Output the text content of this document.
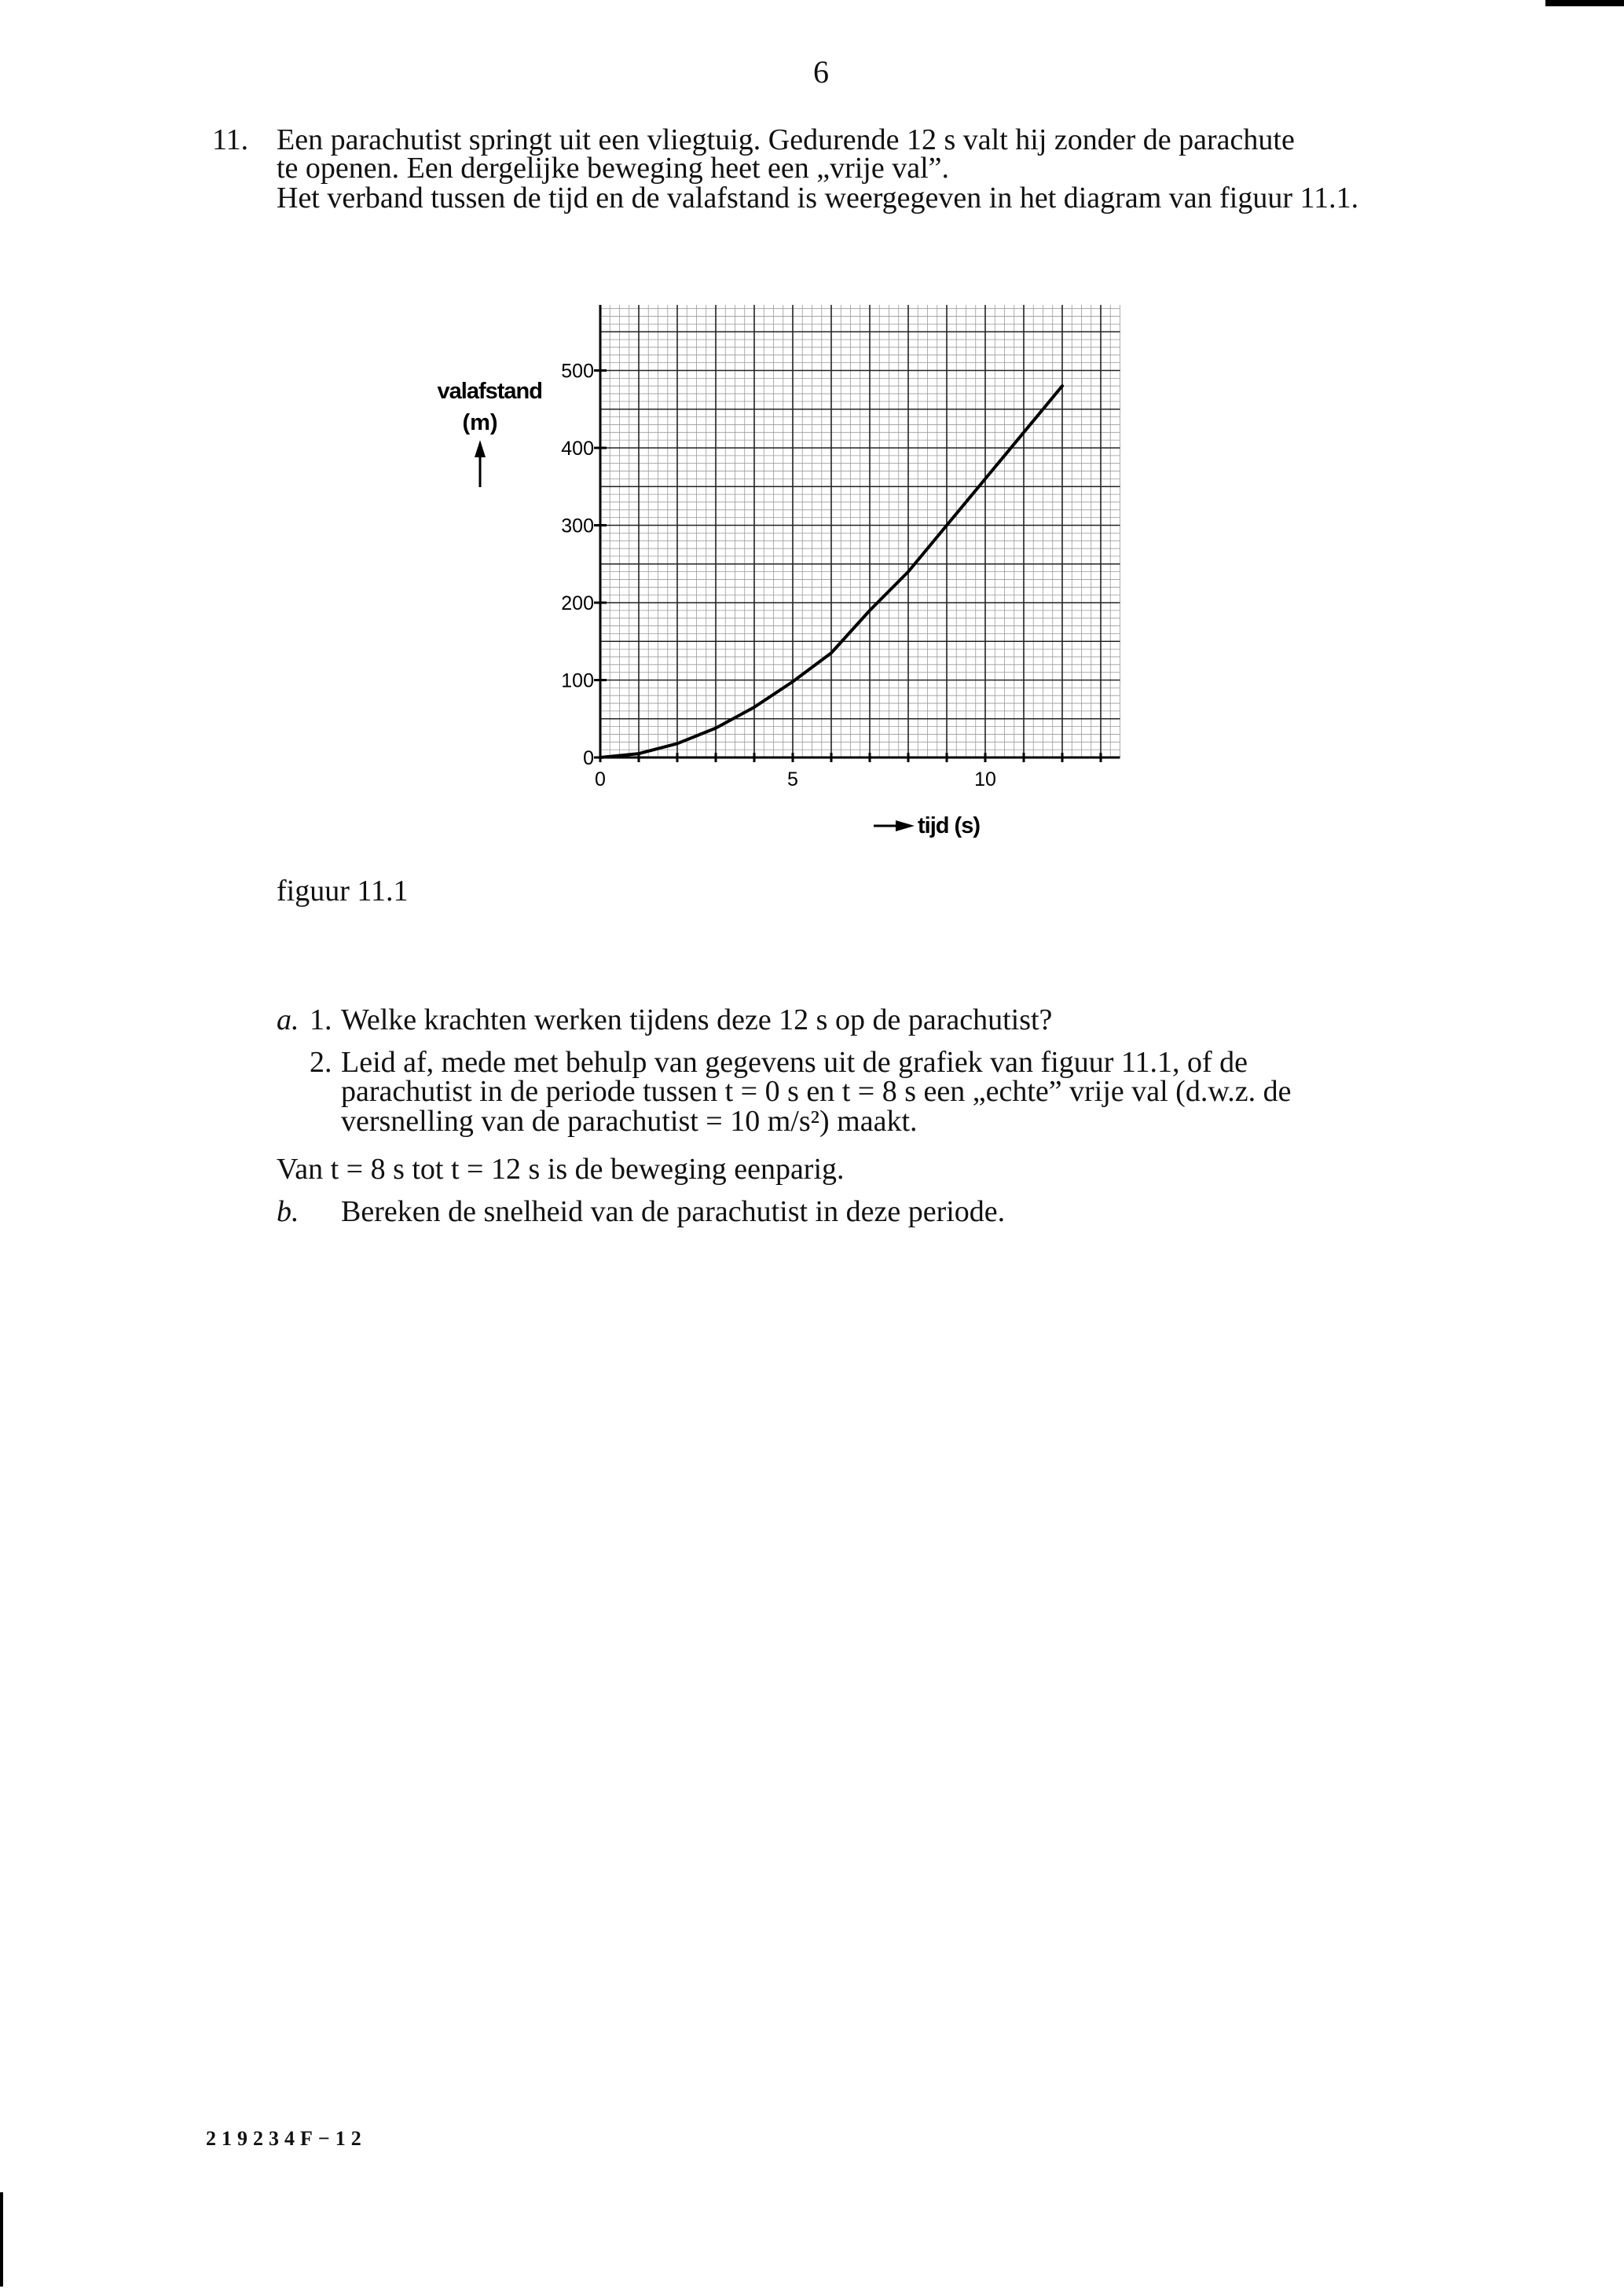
6
11. Een parachutist springt uit een vliegtuig. Gedurende 12 s valt hij zonder de parachute
te openen. Een dergelijke beweging heet een „vrije val”.
Het verband tussen de tijd en de valafstand is weergegeven in het diagram van figuur 11.1.
0
100
200
300
400
500
0	5	10
valafstand
(m)
tijd (s)
figuur 11.1
a. 1. Welke krachten werken tijdens deze 12 s op de parachutist?
2. Leid af, mede met behulp van gegevens uit de grafiek van figuur 11.1, of de
parachutist in de periode tussen t = 0 s en t = 8 s een „echte” vrije val (d.w.z. de
versnelling van de parachutist = 10 m/s²) maakt.
Van t = 8 s tot t = 12 s is de beweging eenparig.
b. Bereken de snelheid van de parachutist in deze periode.
219234F−12
